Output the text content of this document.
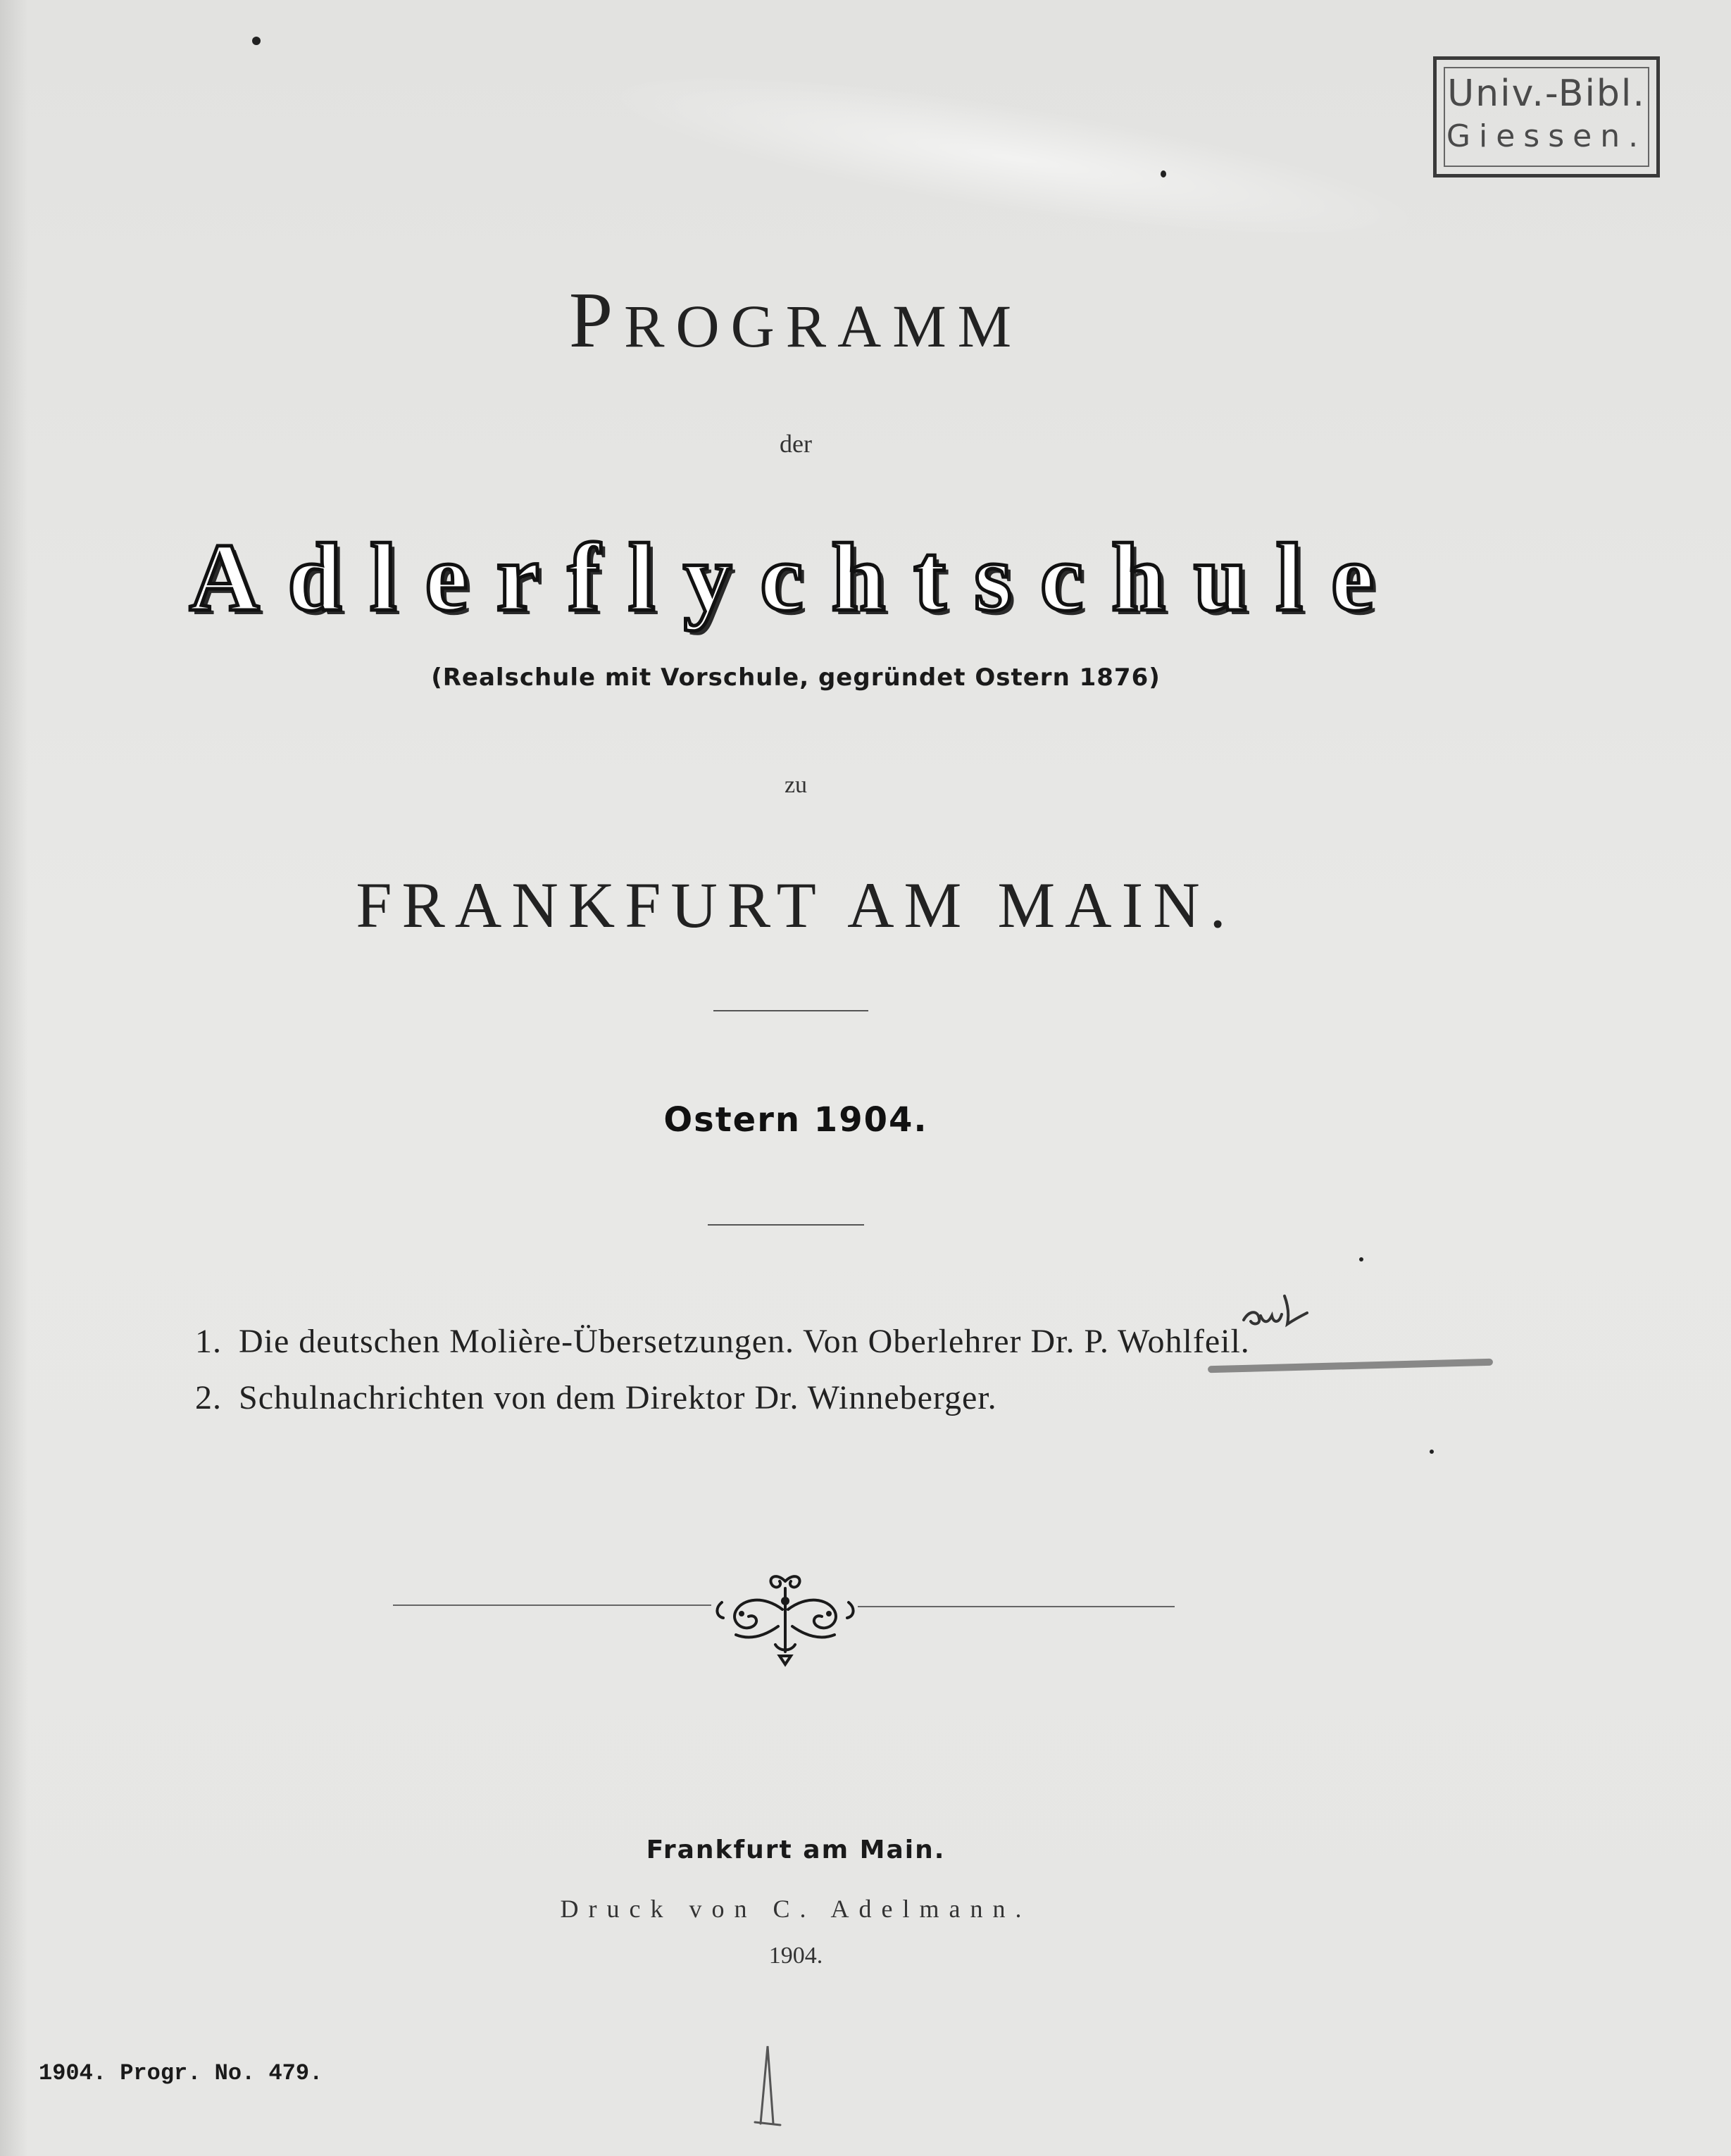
Univ.-Bibl.
Giessen.
PROGRAMM
der
Adlerflychtschule
(Realschule mit Vorschule, gegründet Ostern 1876)
zu
FRANKFURT AM MAIN.
Ostern 1904.
1. Die deutschen Molière-Übersetzungen. Von Oberlehrer Dr. P. Wohlfeil.
2. Schulnachrichten von dem Direktor Dr. Winneberger.
Frankfurt am Main.
Druck von C. Adelmann.
1904.
1904. Progr. No. 479.
